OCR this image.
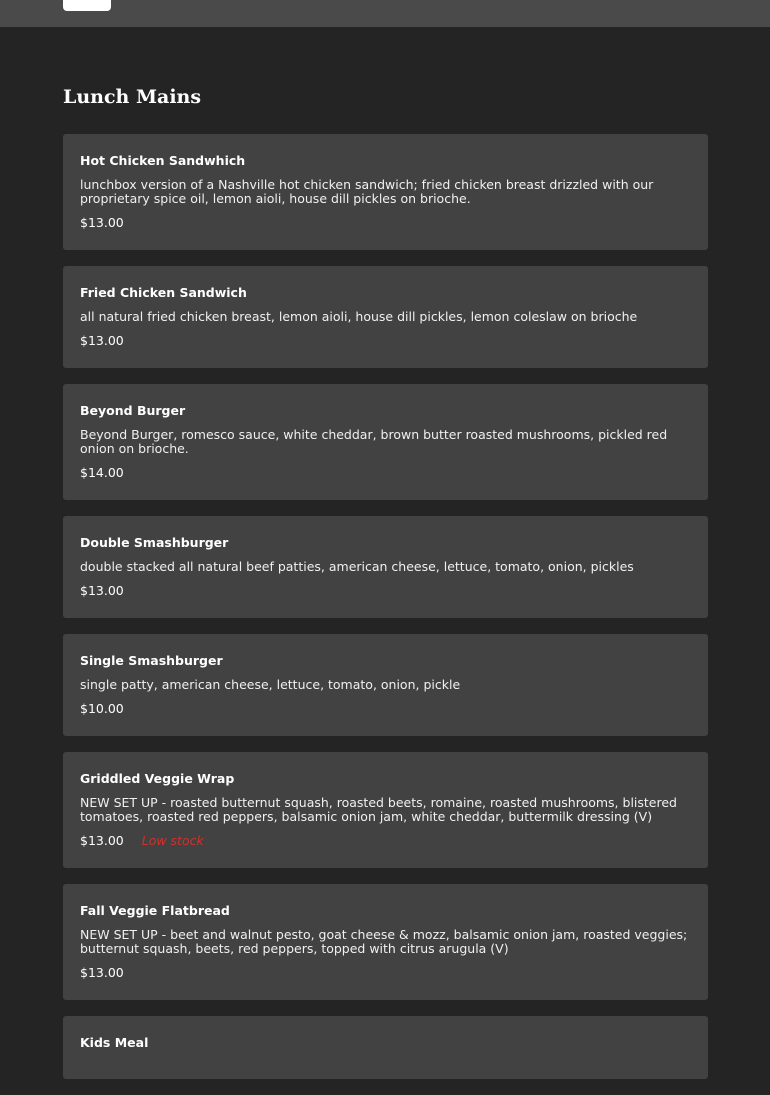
Lunch Mains
Hot Chicken Sandwhich
lunchbox version of a Nashville hot chicken sandwich; fried chicken breast drizzled with our proprietary spice oil, lemon aioli, house dill pickles on brioche.
$13.00
Fried Chicken Sandwich
all natural fried chicken breast, lemon aioli, house dill pickles, lemon coleslaw on brioche
$13.00
Beyond Burger
Beyond Burger, romesco sauce, white cheddar, brown butter roasted mushrooms, pickled red onion on brioche.
$14.00
Double Smashburger
double stacked all natural beef patties, american cheese, lettuce, tomato, onion, pickles
$13.00
Single Smashburger
single patty, american cheese, lettuce, tomato, onion, pickle
$10.00
Griddled Veggie Wrap
NEW SET UP - roasted butternut squash, roasted beets, romaine, roasted mushrooms, blistered tomatoes, roasted red peppers, balsamic onion jam, white cheddar, buttermilk dressing (V)
$13.00 Low stock
Fall Veggie Flatbread
NEW SET UP - beet and walnut pesto, goat cheese & mozz, balsamic onion jam, roasted veggies; butternut squash, beets, red peppers, topped with citrus arugula (V)
$13.00
Kids Meal
